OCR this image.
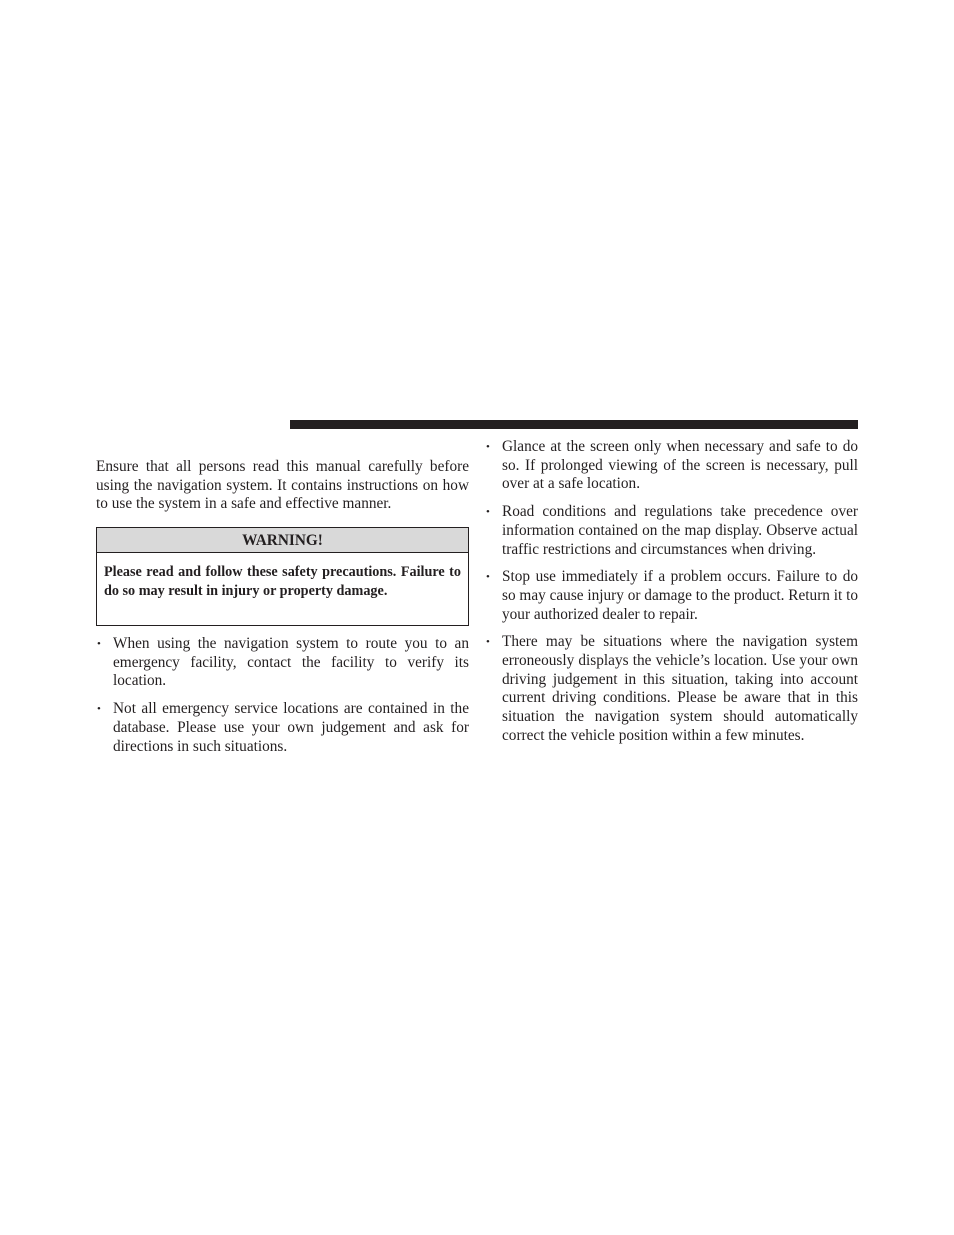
Ensure that all persons read this manual carefully before using the navigation system. It contains instructions on how to use the system in a safe and effective manner.

WARNING!

Please read and follow these safety precautions. Failure to do so may result in injury or property damage.

• When using the navigation system to route you to an emergency facility, contact the facility to verify its location.
• Not all emergency service locations are contained in the database. Please use your own judgement and ask for directions in such situations.
• Glance at the screen only when necessary and safe to do so. If prolonged viewing of the screen is necessary, pull over at a safe location.
• Road conditions and regulations take precedence over information contained on the map display. Observe actual traffic restrictions and circumstances when driving.
• Stop use immediately if a problem occurs. Failure to do so may cause injury or damage to the product. Return it to your authorized dealer to repair.
• There may be situations where the navigation system erroneously displays the vehicle’s location. Use your own driving judgement in this situation, taking into account current driving conditions. Please be aware that in this situation the navigation system should automatically correct the vehicle position within a few minutes.
